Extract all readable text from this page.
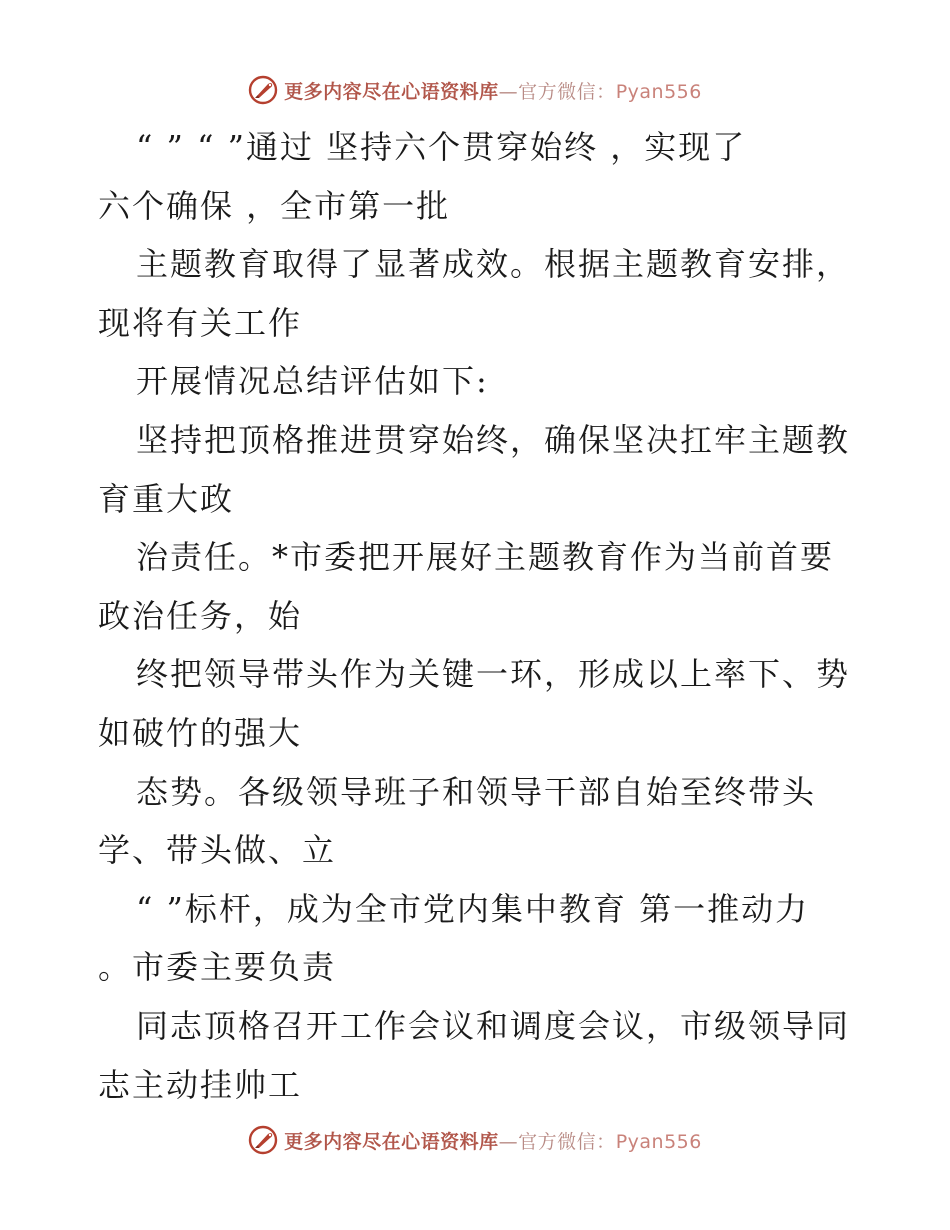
更多内容尽在心语资料库—官方微信：Pyan556
“ ” “ ”通过 坚持六个贯穿始终 ，实现了
六个确保 ，全市第一批
主题教育取得了显著成效。根据主题教育安排，
现将有关工作
开展情况总结评估如下:
坚持把顶格推进贯穿始终，确保坚决扛牢主题教
育重大政
治责任。*市委把开展好主题教育作为当前首要
政治任务，始
终把领导带头作为关键一环，形成以上率下、势
如破竹的强大
态势。各级领导班子和领导干部自始至终带头
学、带头做、立
“ ”标杆，成为全市党内集中教育 第一推动力
。市委主要负责
同志顶格召开工作会议和调度会议，市级领导同
志主动挂帅工
更多内容尽在心语资料库—官方微信：Pyan556
